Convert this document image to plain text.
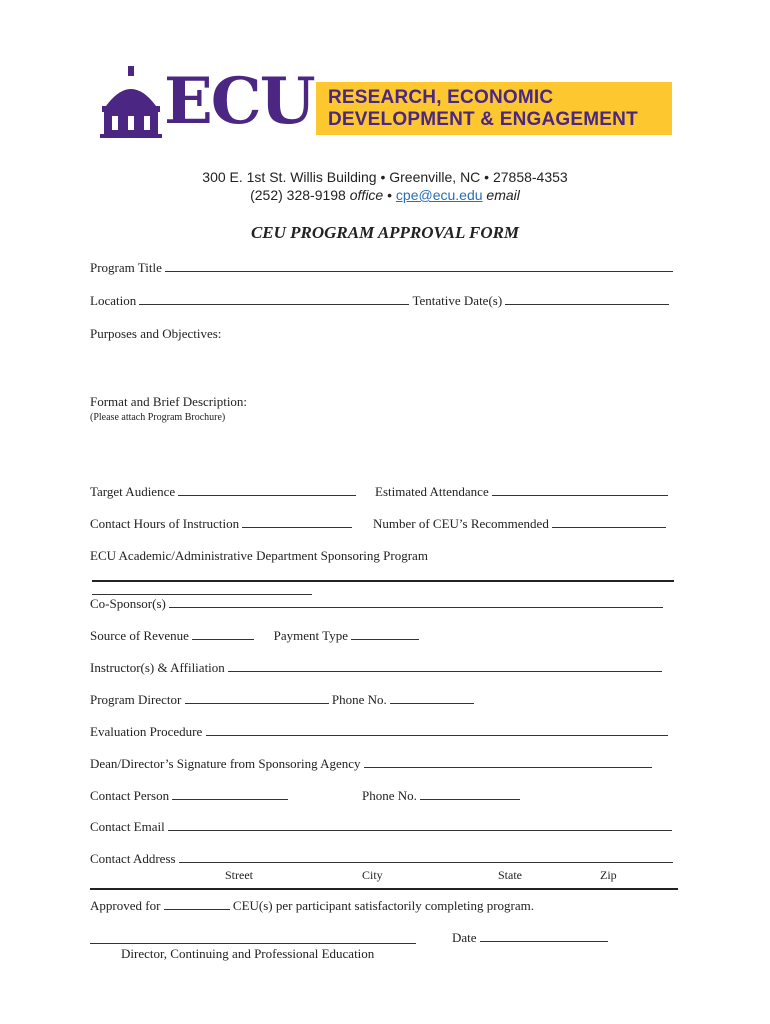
ECU RESEARCH, ECONOMIC
DEVELOPMENT & ENGAGEMENT
300 E. 1st St. Willis Building • Greenville, NC • 27858-4353
(252) 328-9198 office • cpe@ecu.edu email
CEU PROGRAM APPROVAL FORM
Program Title
Location	Tentative Date(s)
Purposes and Objectives:
Format and Brief Description:
(Please attach Program Brochure)
Target Audience	Estimated Attendance
Contact Hours of Instruction	Number of CEU’s Recommended
ECU Academic/Administrative Department Sponsoring Program
Co-Sponsor(s)
Source of Revenue	Payment Type
Instructor(s) & Affiliation
Program Director	Phone No.
Evaluation Procedure
Dean/Director’s Signature from Sponsoring Agency
Contact Person	Phone No.
Contact Email
Contact Address
Street	City	State	Zip
Approved for	CEU(s) per participant satisfactorily completing program.
Date
Director, Continuing and Professional Education
